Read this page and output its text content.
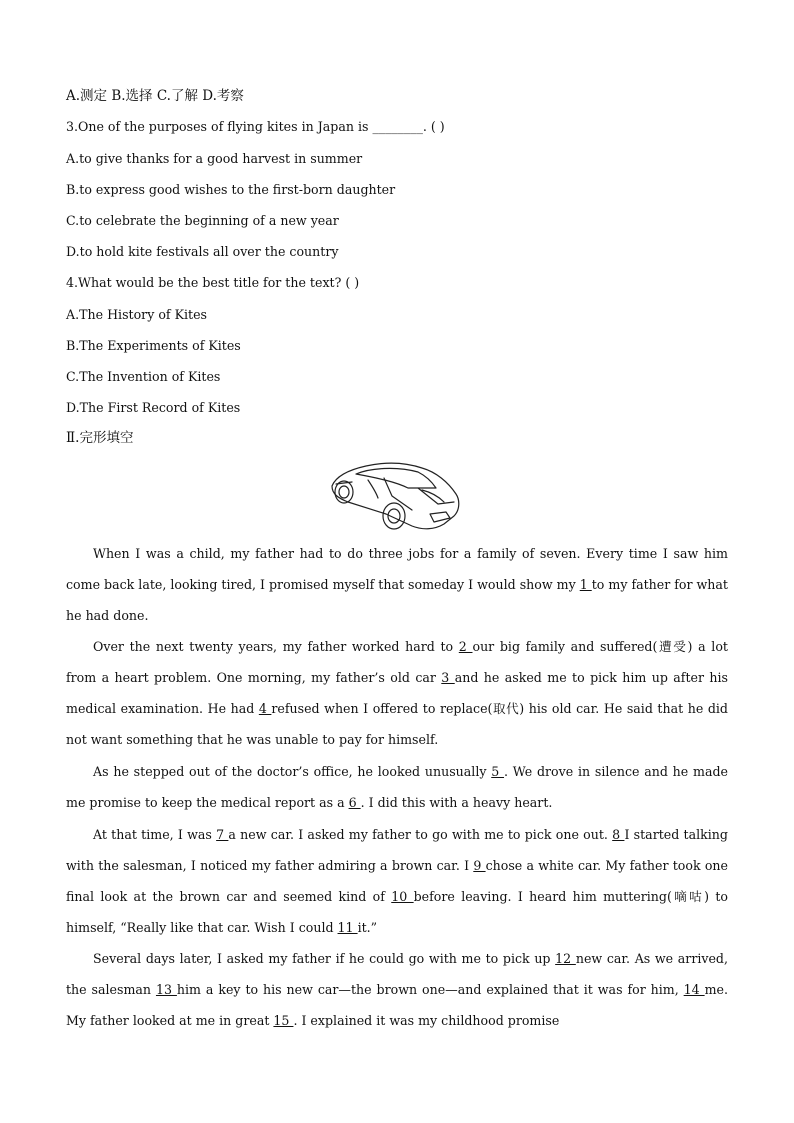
A.测定 B.选择 C.了解 D.考察
3.One of the purposes of flying kites in Japan is ________. ( )
A.to give thanks for a good harvest in summer
B.to express good wishes to the first-born daughter
C.to celebrate the beginning of a new year
D.to hold kite festivals all over the country
4.What would be the best title for the text? ( )
A.The History of Kites
B.The Experiments of Kites
C.The Invention of Kites
D.The First Record of Kites
Ⅱ.完形填空
When I was a child, my father had to do three jobs for a family of seven. Every time I saw him come back late, looking tired, I promised myself that someday I would show my 1 to my father for what he had done.
Over the next twenty years, my father worked hard to 2 our big family and suffered(遭受) a lot from a heart problem. One morning, my father’s old car 3 and he asked me to pick him up after his medical examination. He had 4 refused when I offered to replace(取代) his old car. He said that he did not want something that he was unable to pay for himself.
As he stepped out of the doctor’s office, he looked unusually 5 . We drove in silence and he made me promise to keep the medical report as a 6 . I did this with a heavy heart.
At that time, I was 7 a new car. I asked my father to go with me to pick one out. 8 I started talking with the salesman, I noticed my father admiring a brown car. I 9 chose a white car. My father took one final look at the brown car and seemed kind of 10 before leaving. I heard him muttering(嘀咕) to himself, “Really like that car. Wish I could 11 it.”
Several days later, I asked my father if he could go with me to pick up 12 new car. As we arrived, the salesman 13 him a key to his new car—the brown one—and explained that it was for him, 14 me. My father looked at me in great 15 . I explained it was my childhood promise
